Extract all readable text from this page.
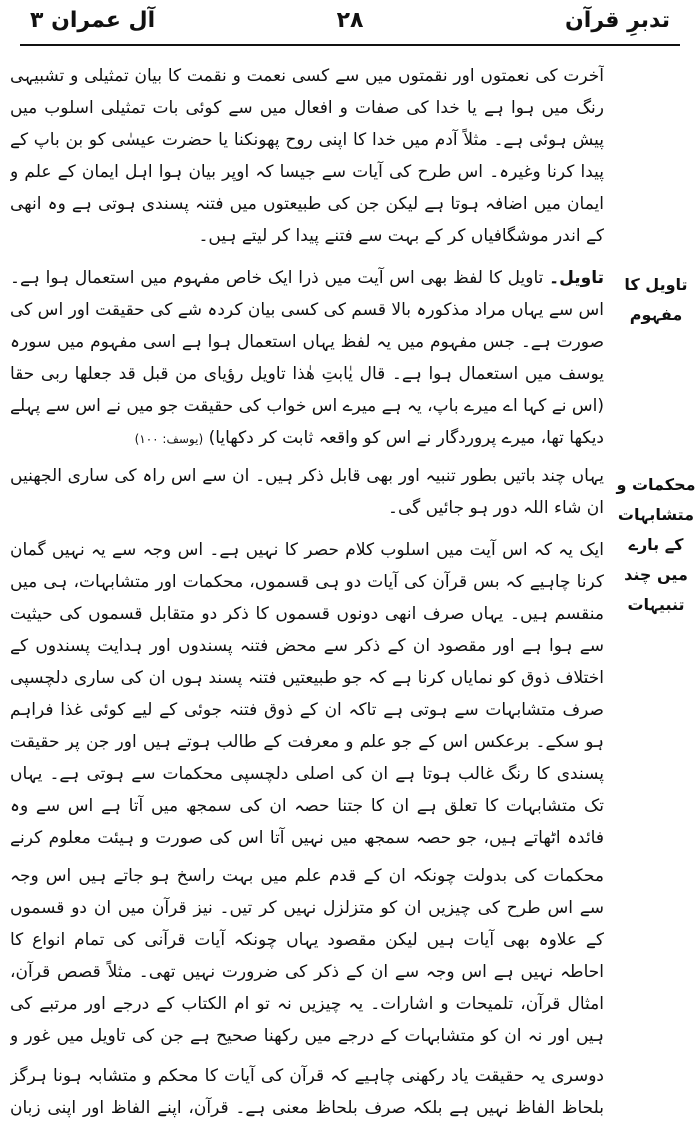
تدبرِ قرآن
۲۸
آل عمران ۳
تاویل کا مفہوم
محکمات و متشابہات کے بارے میں چند تنبیہات

آخرت کی نعمتوں اور نقمتوں میں سے کسی نعمت و نقمت کا بیان تمثیلی و تشبیہی رنگ میں ہوا ہے یا خدا کی صفات و افعال میں سے کوئی بات تمثیلی اسلوب میں پیش ہوئی ہے۔ مثلاً آدم میں خدا کا اپنی روح پھونکنا یا حضرت عیسٰی کو بن باپ کے پیدا کرنا وغیرہ۔ اس طرح کی آیات سے جیسا کہ اوپر بیان ہوا اہل ایمان کے علم و ایمان میں اضافہ ہوتا ہے لیکن جن کی طبیعتوں میں فتنہ پسندی ہوتی ہے وہ انھی کے اندر موشگافیاں کر کے بہت سے فتنے پیدا کر لیتے ہیں۔

تاویل۔ تاویل کا لفظ بھی اس آیت میں ذرا ایک خاص مفہوم میں استعمال ہوا ہے۔ اس سے یہاں مراد مذکورہ بالا قسم کی کسی بیان کردہ شے کی حقیقت اور اس کی صورت ہے۔ جس مفہوم میں یہ لفظ یہاں استعمال ہوا ہے اسی مفہوم میں سورہ یوسف میں استعمال ہوا ہے۔ قال یٰابتِ ھٰذا تاویل رؤیای من قبل قد جعلھا ربی حقا (اس نے کہا اے میرے باپ، یہ ہے میرے اس خواب کی حقیقت جو میں نے اس سے پہلے دیکھا تھا، میرے پروردگار نے اس کو واقعہ ثابت کر دکھایا) (یوسف: ۱۰۰)

یہاں چند باتیں بطور تنبیہ اور بھی قابل ذکر ہیں۔ ان سے اس راہ کی ساری الجھنیں ان شاء اللہ دور ہو جائیں گی۔

ایک یہ کہ اس آیت میں اسلوب کلام حصر کا نہیں ہے۔ اس وجہ سے یہ نہیں گمان کرنا چاہیے کہ بس قرآن کی آیات دو ہی قسموں، محکمات اور متشابہات، ہی میں منقسم ہیں۔ یہاں صرف انھی دونوں قسموں کا ذکر دو متقابل قسموں کی حیثیت سے ہوا ہے اور مقصود ان کے ذکر سے محض فتنہ پسندوں اور ہدایت پسندوں کے اختلاف ذوق کو نمایاں کرنا ہے کہ جو طبیعتیں فتنہ پسند ہوں ان کی ساری دلچسپی صرف متشابہات سے ہوتی ہے تاکہ ان کے ذوق فتنہ جوئی کے لیے کوئی غذا فراہم ہو سکے۔ برعکس اس کے جو علم و معرفت کے طالب ہوتے ہیں اور جن پر حقیقت پسندی کا رنگ غالب ہوتا ہے ان کی اصلی دلچسپی محکمات سے ہوتی ہے۔ یہاں تک متشابہات کا تعلق ہے ان کا جتنا حصہ ان کی سمجھ میں آتا ہے اس سے وہ فائدہ اٹھاتے ہیں، جو حصہ سمجھ میں نہیں آتا اس کی صورت و ہیئت معلوم کرنے

محکمات کی بدولت چونکہ ان کے قدم علم میں بہت راسخ ہو جاتے ہیں اس وجہ سے اس طرح کی چیزیں ان کو متزلزل نہیں کر تیں۔ نیز قرآن میں ان دو قسموں کے علاوہ بھی آیات ہیں لیکن مقصود یہاں چونکہ آیات قرآنی کی تمام انواع کا احاطہ نہیں ہے اس وجہ سے ان کے ذکر کی ضرورت نہیں تھی۔ مثلاً قصص قرآن، امثال قرآن، تلمیحات و اشارات۔ یہ چیزیں نہ تو ام الکتاب کے درجے اور مرتبے کی ہیں اور نہ ان کو متشابہات کے درجے میں رکھنا صحیح ہے جن کی تاویل میں غور و

دوسری یہ حقیقت یاد رکھنی چاہیے کہ قرآن کی آیات کا محکم و متشابہ ہونا ہرگز بلحاظ الفاظ نہیں ہے بلکہ صرف بلحاظ معنی ہے۔ قرآن، اپنے الفاظ اور اپنی زبان
